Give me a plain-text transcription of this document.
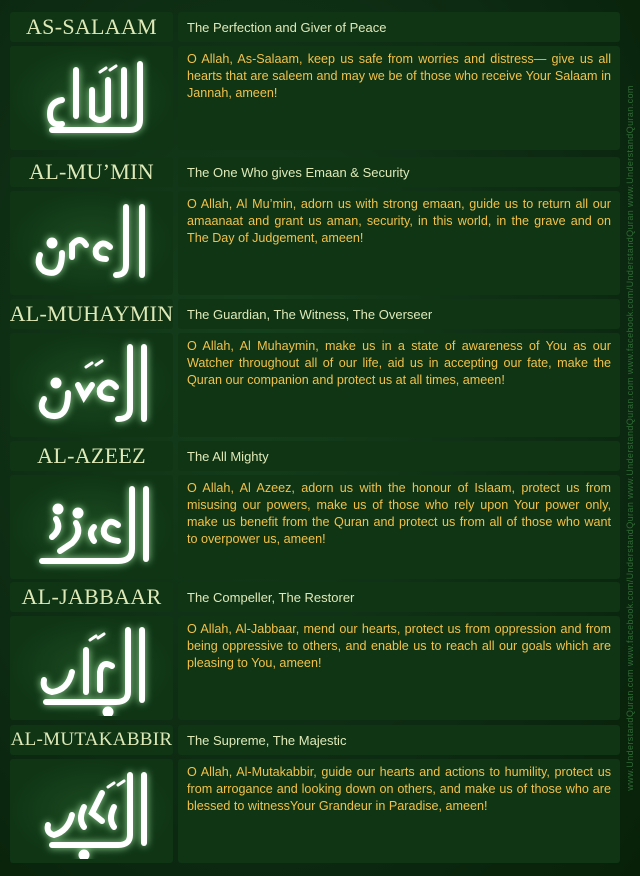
AS-SALAAM	The Perfection and Giver of Peace
O Allah, As-Salaam, keep us safe from worries and distress— give us all hearts that are saleem and may we be of those who receive Your Salaam in Jannah, ameen!
AL-MU’MIN	The One Who gives Emaan & Security
O Allah, Al Mu’min, adorn us with strong emaan, guide us to return all our amaanaat and grant us aman, security, in this world, in the grave and on The Day of Judgement, ameen!
AL-MUHAYMIN	The Guardian, The Witness, The Overseer
O Allah, Al Muhaymin, make us in a state of awareness of You as our Watcher throughout all of our life, aid us in accepting our fate, make the Quran our companion and protect us at all times, ameen!
AL-AZEEZ	The All Mighty
O Allah, Al Azeez, adorn us with the honour of Islaam, protect us from misusing our powers, make us of those who rely upon Your power only, make us benefit from the Quran and protect us from all of those who want to overpower us, ameen!
AL-JABBAAR	The Compeller, The Restorer
O Allah, Al-Jabbaar, mend our hearts, protect us from oppression and from being oppressive to others, and enable us to reach all our goals which are pleasing to You, ameen!
AL-MUTAKABBIR	The Supreme, The Majestic
O Allah, Al-Mutakabbir, guide our hearts and actions to humility, protect us from arrogance and looking down on others, and make us of those who are blessed to witnessYour Grandeur in Paradise, ameen!
www.UnderstandQuran.com www.facebook.com/UnderstandQuran www.UnderstandQuran.com www.facebook.com/UnderstandQuran www.UnderstandQuran.com
